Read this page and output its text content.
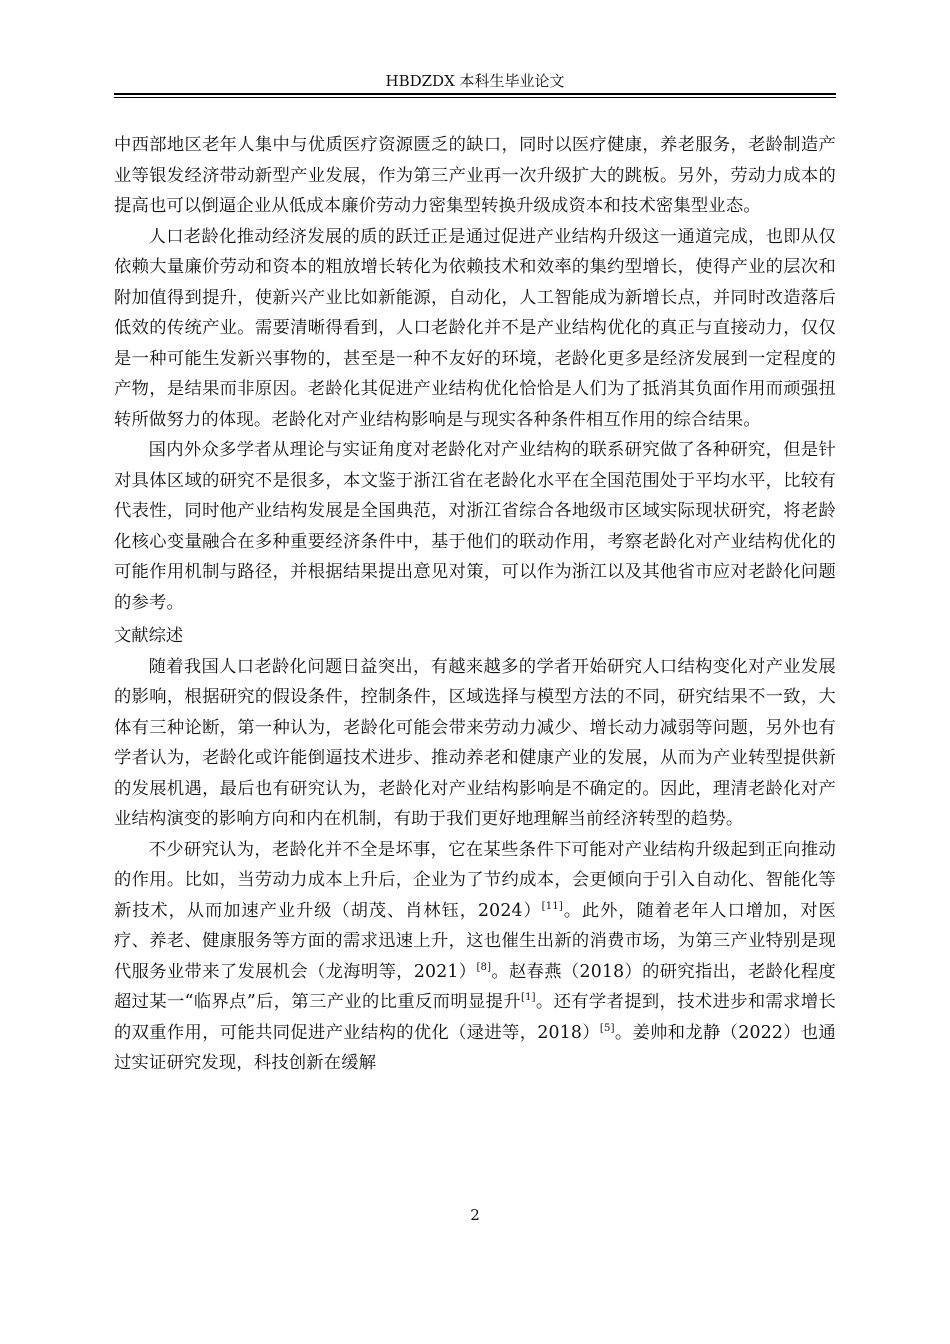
HBDZDX 本科生毕业论文

中西部地区老年人集中与优质医疗资源匮乏的缺口，同时以医疗健康，养老服务，老龄制造产业等银发经济带动新型产业发展，作为第三产业再一次升级扩大的跳板。另外，劳动力成本的提高也可以倒逼企业从低成本廉价劳动力密集型转换升级成资本和技术密集型业态。

人口老龄化推动经济发展的质的跃迁正是通过促进产业结构升级这一通道完成，也即从仅依赖大量廉价劳动和资本的粗放增长转化为依赖技术和效率的集约型增长，使得产业的层次和附加值得到提升，使新兴产业比如新能源，自动化，人工智能成为新增长点，并同时改造落后低效的传统产业。需要清晰得看到，人口老龄化并不是产业结构优化的真正与直接动力，仅仅是一种可能生发新兴事物的，甚至是一种不友好的环境，老龄化更多是经济发展到一定程度的产物，是结果而非原因。老龄化其促进产业结构优化恰恰是人们为了抵消其负面作用而顽强扭转所做努力的体现。老龄化对产业结构影响是与现实各种条件相互作用的综合结果。

国内外众多学者从理论与实证角度对老龄化对产业结构的联系研究做了各种研究，但是针对具体区域的研究不是很多，本文鉴于浙江省在老龄化水平在全国范围处于平均水平，比较有代表性，同时他产业结构发展是全国典范，对浙江省综合各地级市区域实际现状研究，将老龄化核心变量融合在多种重要经济条件中，基于他们的联动作用，考察老龄化对产业结构优化的可能作用机制与路径，并根据结果提出意见对策，可以作为浙江以及其他省市应对老龄化问题的参考。

文献综述

随着我国人口老龄化问题日益突出，有越来越多的学者开始研究人口结构变化对产业发展的影响，根据研究的假设条件，控制条件，区域选择与模型方法的不同，研究结果不一致，大体有三种论断，第一种认为，老龄化可能会带来劳动力减少、增长动力减弱等问题，另外也有学者认为，老龄化或许能倒逼技术进步、推动养老和健康产业的发展，从而为产业转型提供新的发展机遇，最后也有研究认为，老龄化对产业结构影响是不确定的。因此，理清老龄化对产业结构演变的影响方向和内在机制，有助于我们更好地理解当前经济转型的趋势。

不少研究认为，老龄化并不全是坏事，它在某些条件下可能对产业结构升级起到正向推动的作用。比如，当劳动力成本上升后，企业为了节约成本，会更倾向于引入自动化、智能化等新技术，从而加速产业升级（胡茂、肖林钰，2024）[11]。此外，随着老年人口增加，对医疗、养老、健康服务等方面的需求迅速上升，这也催生出新的消费市场，为第三产业特别是现代服务业带来了发展机会（龙海明等，2021）[8]。赵春燕（2018）的研究指出，老龄化程度超过某一“临界点”后，第三产业的比重反而明显提升[1]。还有学者提到，技术进步和需求增长的双重作用，可能共同促进产业结构的优化（逯进等，2018）[5]。姜帅和龙静（2022）也通过实证研究发现，科技创新在缓解

2
